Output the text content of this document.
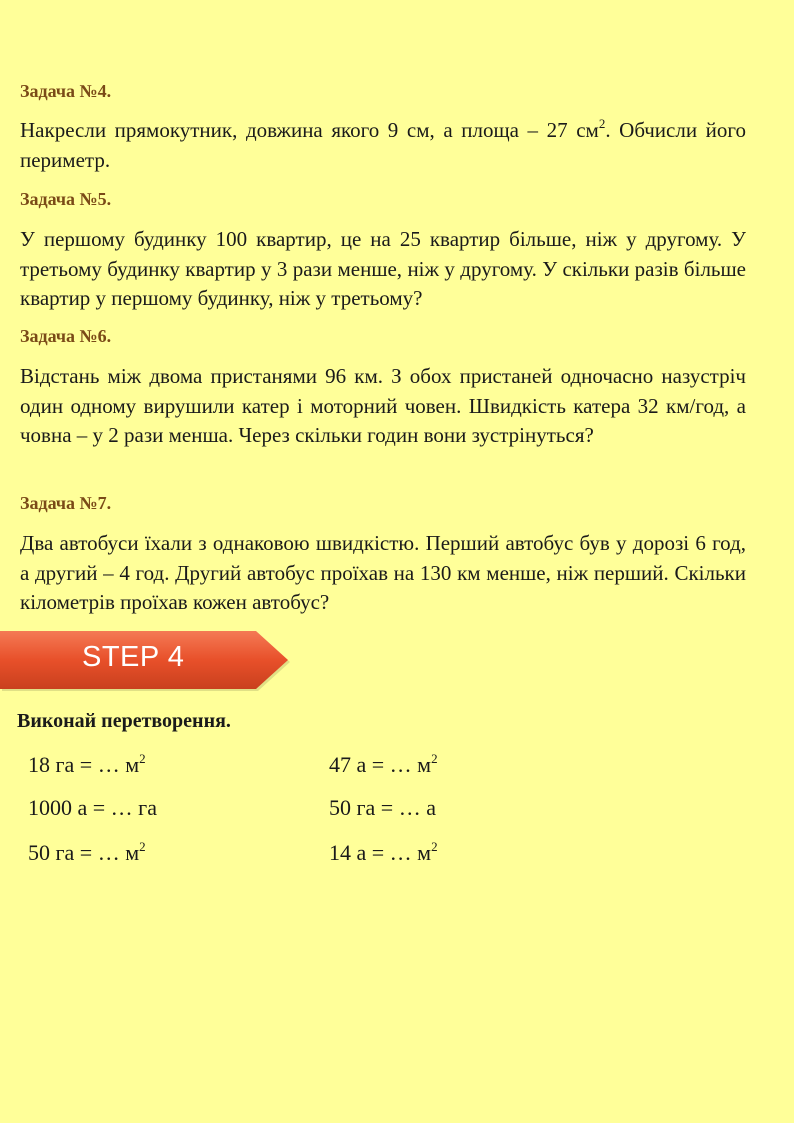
Задача №4.
Накресли прямокутник, довжина якого 9 см, а площа – 27 $см^2$. Обчисли його периметр.
Задача №5.
У першому будинку 100 квартир, це на 25 квартир більше, ніж у другому. У третьому будинку квартир у 3 рази менше, ніж у другому. У скільки разів більше квартир у першому будинку, ніж у третьому?
Задача №6.
Відстань між двома пристанями 96 км. З обох пристаней одночасно назустріч один одному вирушили катер і моторний човен. Швидкість катера 32 км/год, а човна – у 2 рази менша. Через скільки годин вони зустрінуться?
Задача №7.
Два автобуси їхали з однаковою швидкістю. Перший автобус був у дорозі 6 год, а другий – 4 год. Другий автобус проїхав на 130 км менше, ніж перший. Скільки кілометрів проїхав кожен автобус?
STEP 4
Виконай перетворення.
18 га = … $м^2$	47 а = … $м^2$
1000 а = … га	50 га = … а
50 га = … $м^2$	14 а = … $м^2$
